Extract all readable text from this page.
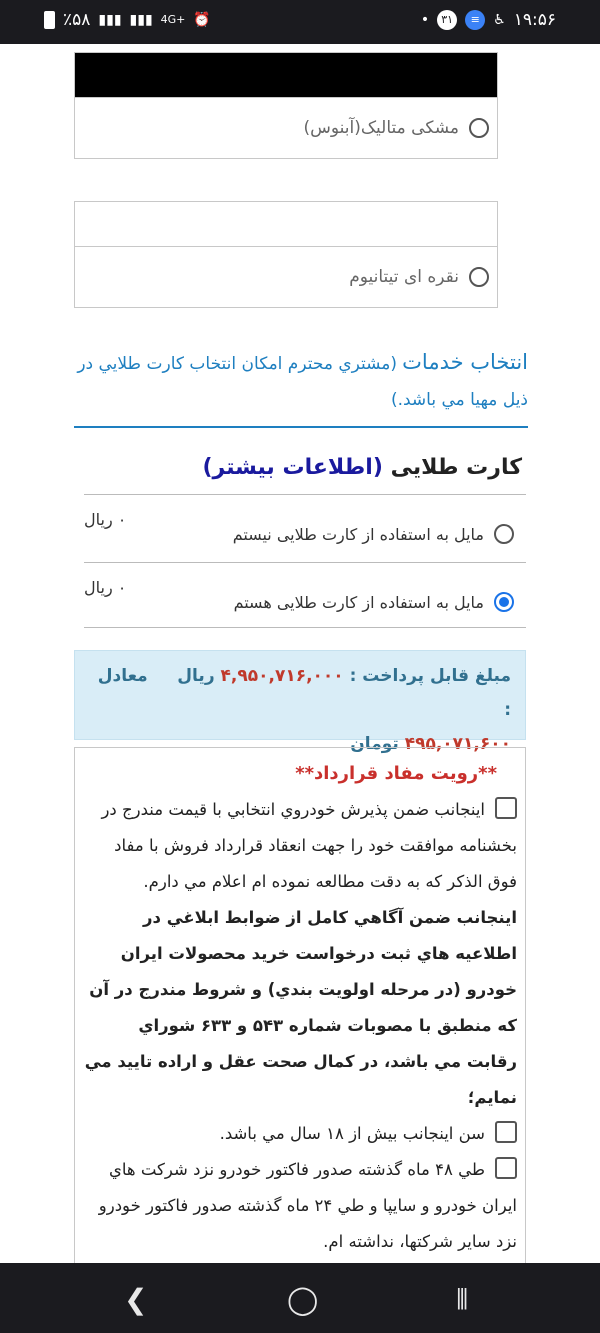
٪۵۸ ▮▮▮ ▮▮▮ 4G+ ⏰	•	۳۱	≡ ♿ ۱۹:۵۶
مشکی متالیک(آبنوس)
نقره ای تیتانیوم
انتخاب خدمات (مشتري محترم امکان انتخاب کارت طلايي در ذيل مهيا مي باشد.)
کارت طلایی (اطلاعات بیشتر)
مایل به استفاده از کارت طلایی نیستم
۰ ریال
مایل به استفاده از کارت طلایی هستم
۰ ریال
مبلغ قابل پرداخت : ۴,۹۵۰,۷۱۶,۰۰۰ ریال     معادل :
۴۹۵,۰۷۱,۶۰۰ تومان
**رویت مفاد قرارداد**

اينجانب ضمن پذيرش خودروي انتخابي با قيمت مندرج در بخشنامه موافقت خود را جهت انعقاد قرارداد فروش با مفاد فوق الذکر که به دقت مطالعه نموده ام اعلام مي دارم.

اينجانب ضمن آگاهي کامل از ضوابط ابلاغي در اطلاعيه هاي ثبت درخواست خريد محصولات ايران خودرو (در مرحله اولويت بندي) و شروط مندرج در آن که منطبق با مصوبات شماره ۵۴۳ و ۶۳۳ شوراي رقابت مي باشد، در کمال صحت عقل و اراده تاييد مي نمايم؛

سن اينجانب بيش از ۱۸ سال مي باشد.

طي ۴۸ ماه گذشته صدور فاکتور خودرو نزد شرکت هاي ايران خودرو و سايپا و طي ۲۴ ماه گذشته صدور فاکتور خودرو نزد ساير شرکتها، نداشته ام.

❮	◯	⦀
